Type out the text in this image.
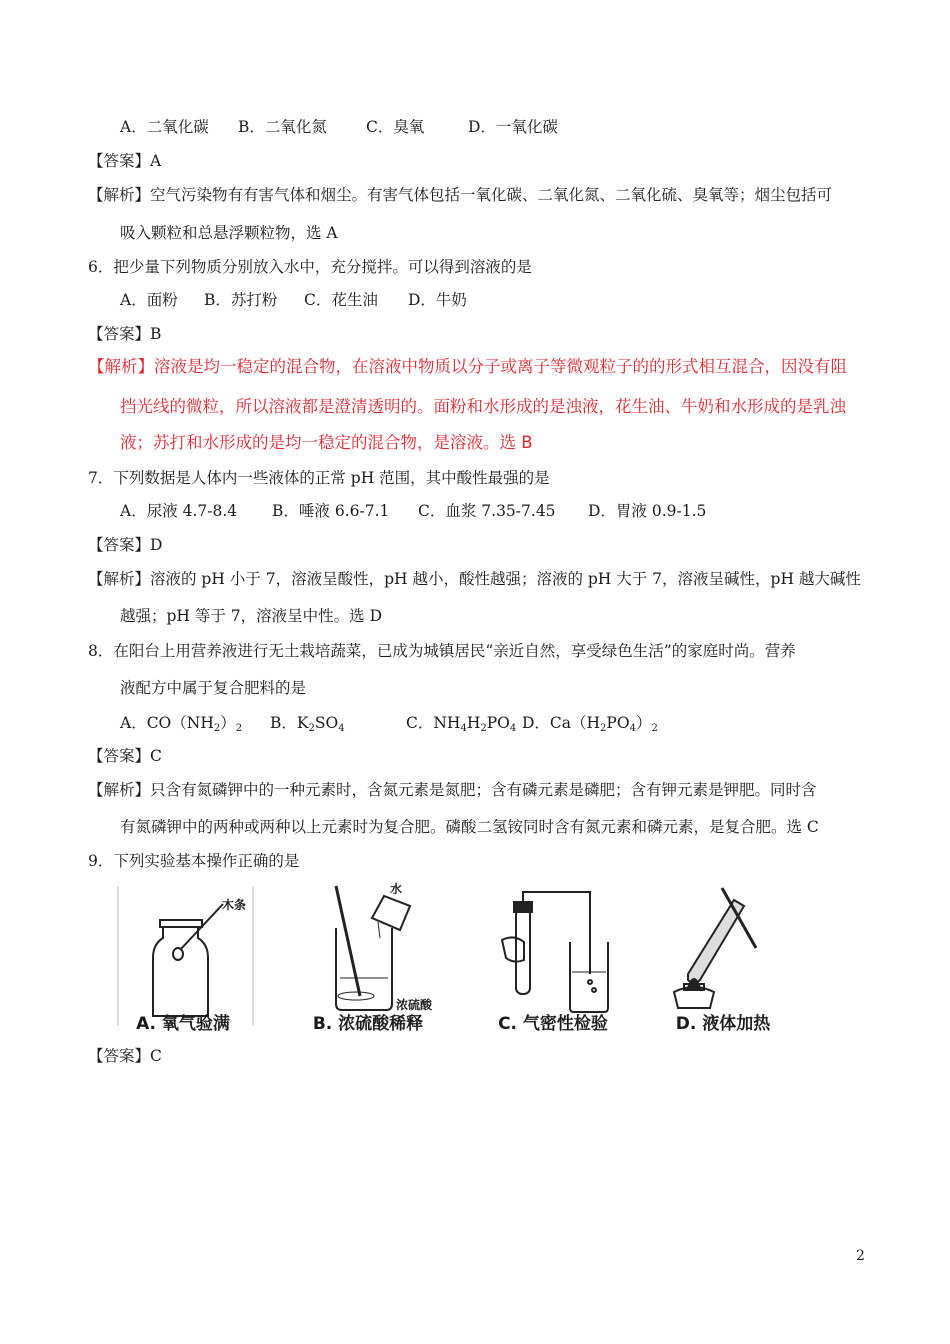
A．二氧化碳 B．二氧化氮	C．臭氧	D．一氧化碳
【答案】A
【解析】空气污染物有有害气体和烟尘。有害气体包括一氧化碳、二氧化氮、二氧化硫、臭氧等；烟尘包括可
吸入颗粒和总悬浮颗粒物，选 A
6．把少量下列物质分别放入水中，充分搅拌。可以得到溶液的是
A．面粉 B．苏打粉 C．花生油 D．牛奶
【答案】B
【解析】溶液是均一稳定的混合物，在溶液中物质以分子或离子等微观粒子的的形式相互混合，因没有阻
挡光线的微粒，所以溶液都是澄清透明的。面粉和水形成的是浊液，花生油、牛奶和水形成的是乳浊
液；苏打和水形成的是均一稳定的混合物，是溶液。选 B
7．下列数据是人体内一些液体的正常 pH 范围，其中酸性最强的是
A．尿液 4.7-8.4 B．唾液 6.6-7.1 C．血浆 7.35-7.45 D．胃液 0.9-1.5
【答案】D
【解析】溶液的 pH 小于 7，溶液呈酸性，pH 越小，酸性越强；溶液的 pH 大于 7，溶液呈碱性，pH 越大碱性
越强；pH 等于 7，溶液呈中性。选 D
8．在阳台上用营养液进行无土栽培蔬菜，已成为城镇居民“亲近自然，享受绿色生活”的家庭时尚。营养
液配方中属于复合肥料的是
A．$CO(NH_2)_2$ B．$K_2SO_4$	C．$NH_4H_2PO_4$ D．$Ca(H_2PO_4)_2$
【答案】C
【解析】只含有氮磷钾中的一种元素时，含氮元素是氮肥；含有磷元素是磷肥；含有钾元素是钾肥。同时含
有氮磷钾中的两种或两种以上元素时为复合肥。磷酸二氢铵同时含有氮元素和磷元素，是复合肥。选 C
9．下列实验基本操作正确的是
木条
A. 氧气验满
水
浓硫酸
B. 浓硫酸稀释	C. 气密性检验	D. 液体加热
【答案】C
2
